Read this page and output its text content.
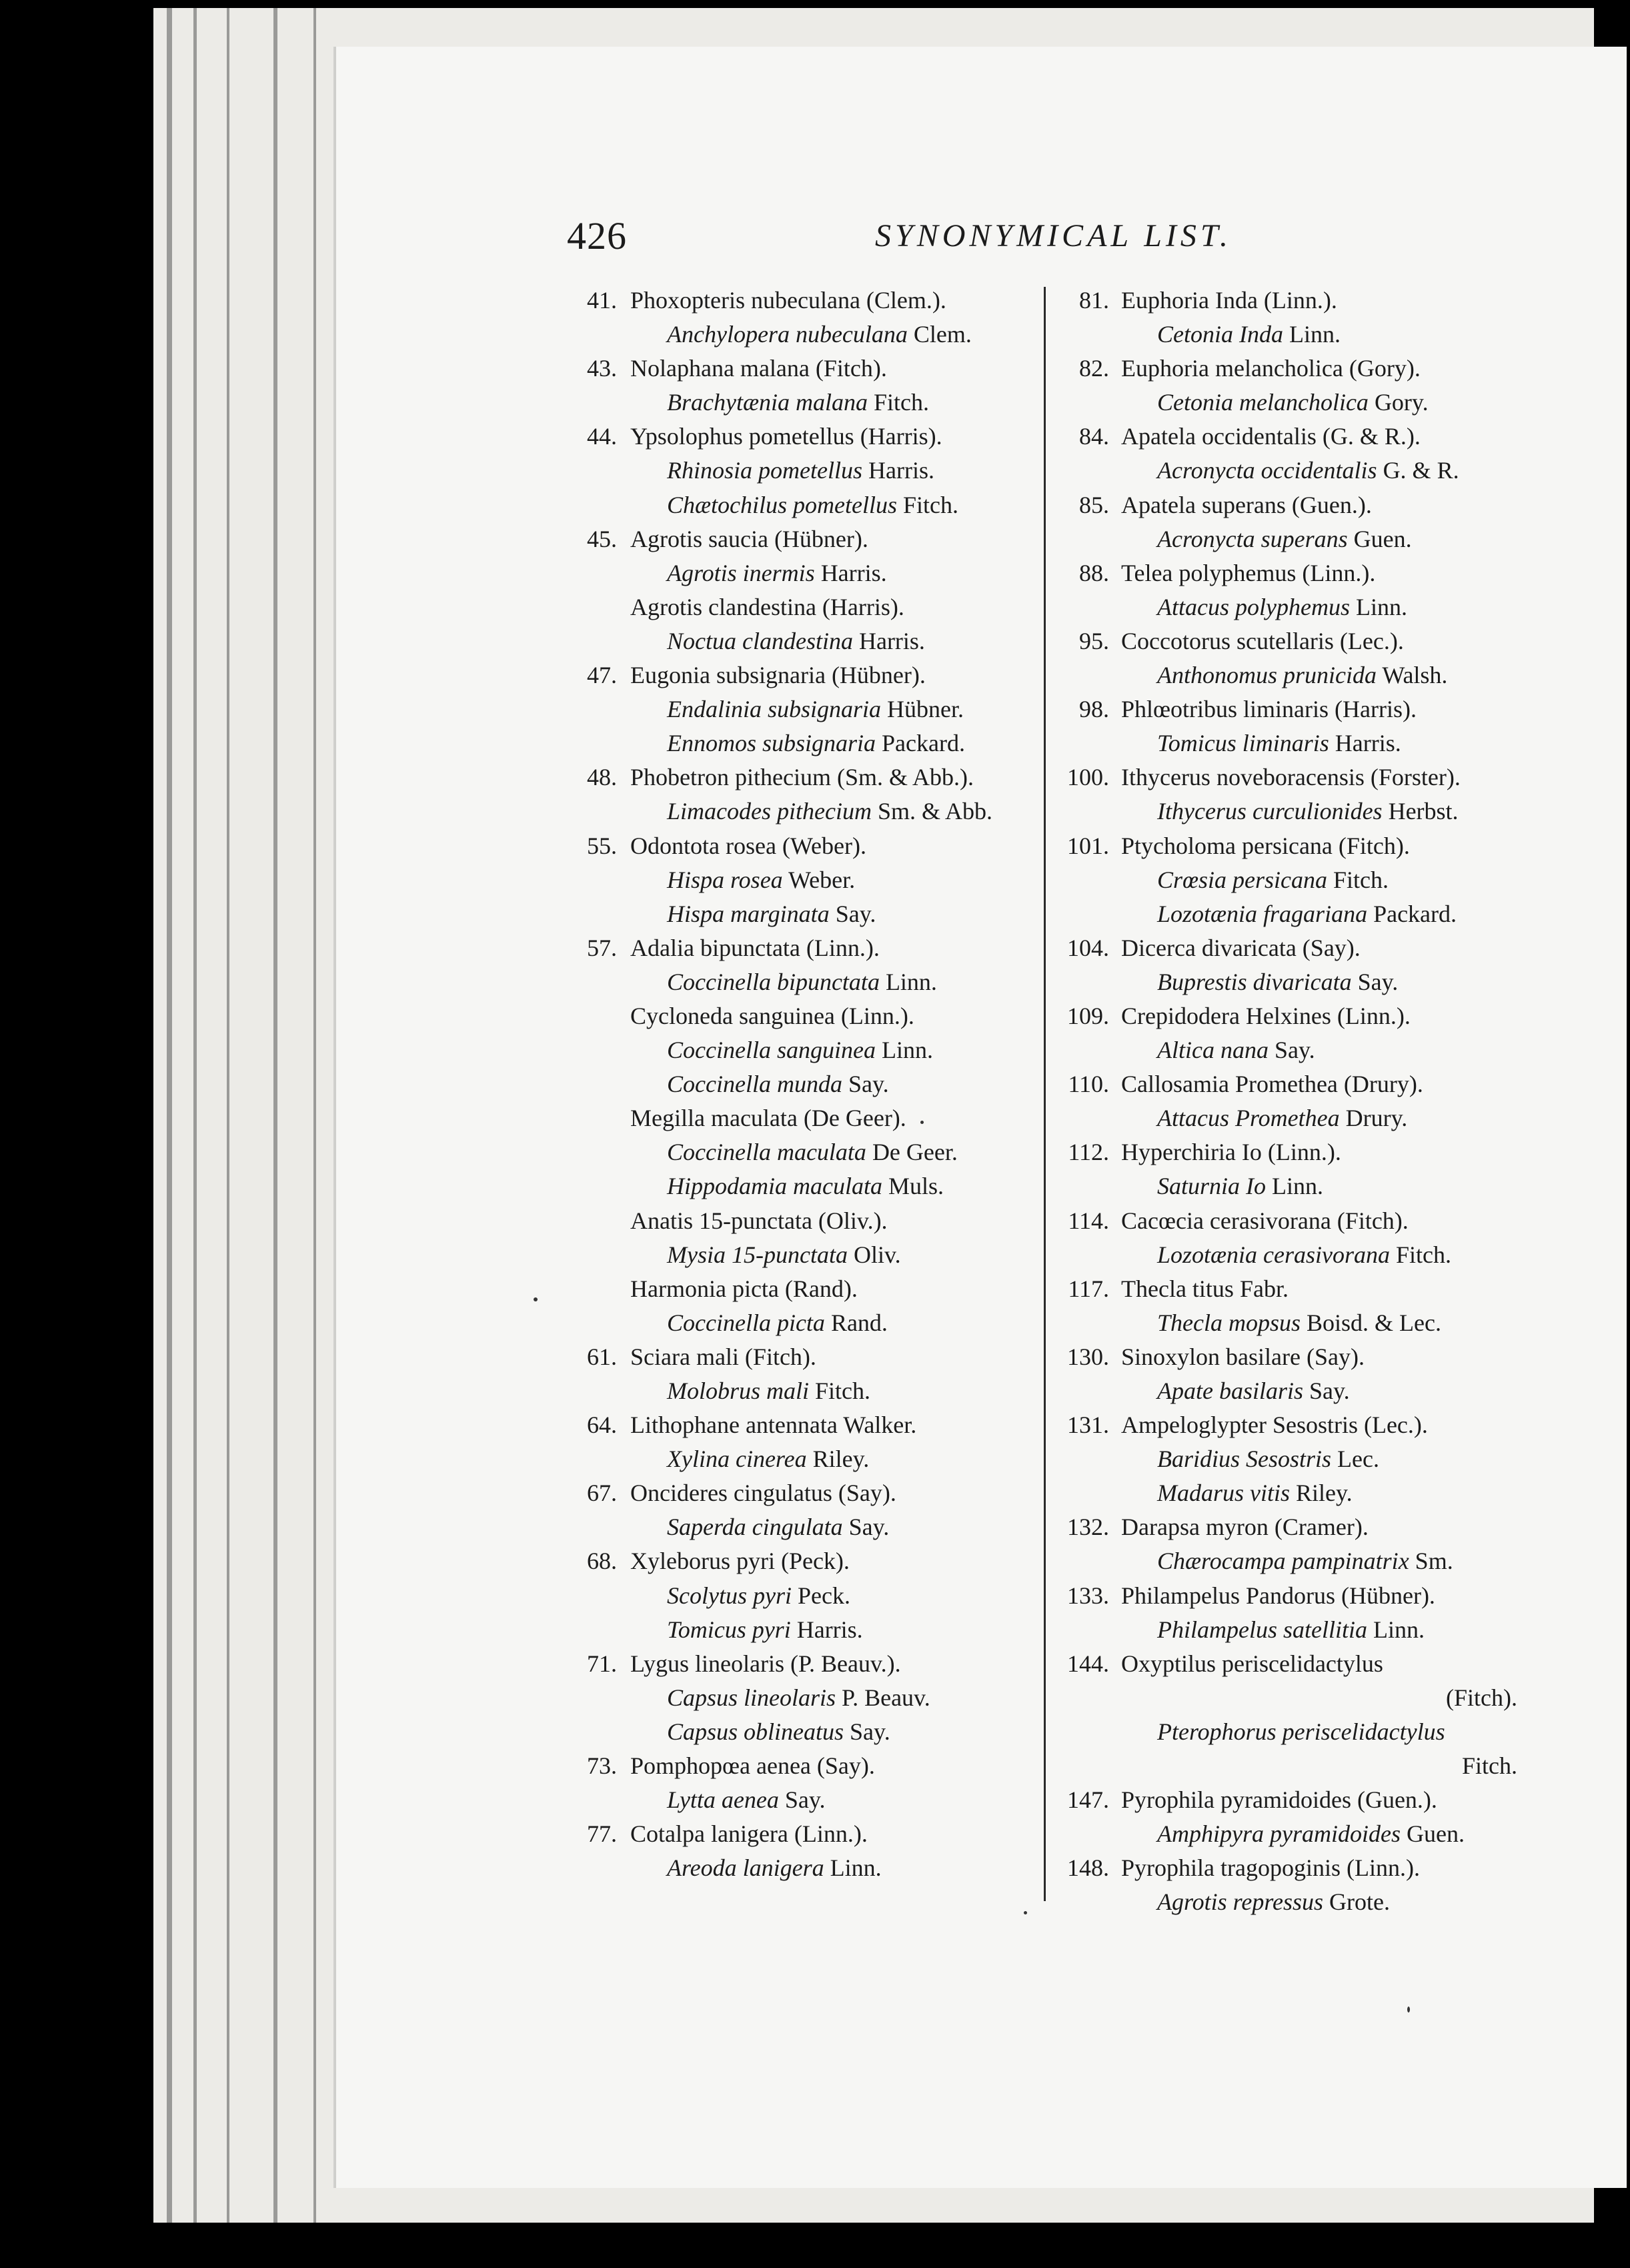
426	SYNONYMICAL LIST.
41. Phoxopteris nubeculana (Clem.).
Anchylopera nubeculana Clem.
43. Nolaphana malana (Fitch).
Brachytænia malana Fitch.
44. Ypsolophus pometellus (Harris).
Rhinosia pometellus Harris.
Chætochilus pometellus Fitch.
45. Agrotis saucia (Hübner).
Agrotis inermis Harris.
Agrotis clandestina (Harris).
Noctua clandestina Harris.
47. Eugonia subsignaria (Hübner).
Endalinia subsignaria Hübner.
Ennomos subsignaria Packard.
48. Phobetron pithecium (Sm. & Abb.).
Limacodes pithecium Sm. & Abb.
55. Odontota rosea (Weber).
Hispa rosea Weber.
Hispa marginata Say.
57. Adalia bipunctata (Linn.).
Coccinella bipunctata Linn.
Cycloneda sanguinea (Linn.).
Coccinella sanguinea Linn.
Coccinella munda Say.
Megilla maculata (De Geer).
Coccinella maculata De Geer.
Hippodamia maculata Muls.
Anatis 15-punctata (Oliv.).
Mysia 15-punctata Oliv.
Harmonia picta (Rand).
Coccinella picta Rand.
61. Sciara mali (Fitch).
Molobrus mali Fitch.
64. Lithophane antennata Walker.
Xylina cinerea Riley.
67. Oncideres cingulatus (Say).
Saperda cingulata Say.
68. Xyleborus pyri (Peck).
Scolytus pyri Peck.
Tomicus pyri Harris.
71. Lygus lineolaris (P. Beauv.).
Capsus lineolaris P. Beauv.
Capsus oblineatus Say.
73. Pomphopœa aenea (Say).
Lytta aenea Say.
77. Cotalpa lanigera (Linn.).
Areoda lanigera Linn.
81. Euphoria Inda (Linn.).
Cetonia Inda Linn.
82. Euphoria melancholica (Gory).
Cetonia melancholica Gory.
84. Apatela occidentalis (G. & R.).
Acronycta occidentalis G. & R.
85. Apatela superans (Guen.).
Acronycta superans Guen.
88. Telea polyphemus (Linn.).
Attacus polyphemus Linn.
95. Coccotorus scutellaris (Lec.).
Anthonomus prunicida Walsh.
98. Phlœotribus liminaris (Harris).
Tomicus liminaris Harris.
100. Ithycerus noveboracensis (Forster).
Ithycerus curculionides Herbst.
101. Ptycholoma persicana (Fitch).
Crœsia persicana Fitch.
Lozotænia fragariana Packard.
104. Dicerca divaricata (Say).
Buprestis divaricata Say.
109. Crepidodera Helxines (Linn.).
Altica nana Say.
110. Callosamia Promethea (Drury).
Attacus Promethea Drury.
112. Hyperchiria Io (Linn.).
Saturnia Io Linn.
114. Cacœcia cerasivorana (Fitch).
Lozotænia cerasivorana Fitch.
117. Thecla titus Fabr.
Thecla mopsus Boisd. & Lec.
130. Sinoxylon basilare (Say).
Apate basilaris Say.
131. Ampeloglypter Sesostris (Lec.).
Baridius Sesostris Lec.
Madarus vitis Riley.
132. Darapsa myron (Cramer).
Chærocampa pampinatrix Sm.
133. Philampelus Pandorus (Hübner).
Philampelus satellitia Linn.
144. Oxyptilus periscelidactylus
(Fitch).
Pterophorus periscelidactylus
Fitch.
147. Pyrophila pyramidoides (Guen.).
Amphipyra pyramidoides Guen.
148. Pyrophila tragopoginis (Linn.).
Agrotis repressus Grote.
